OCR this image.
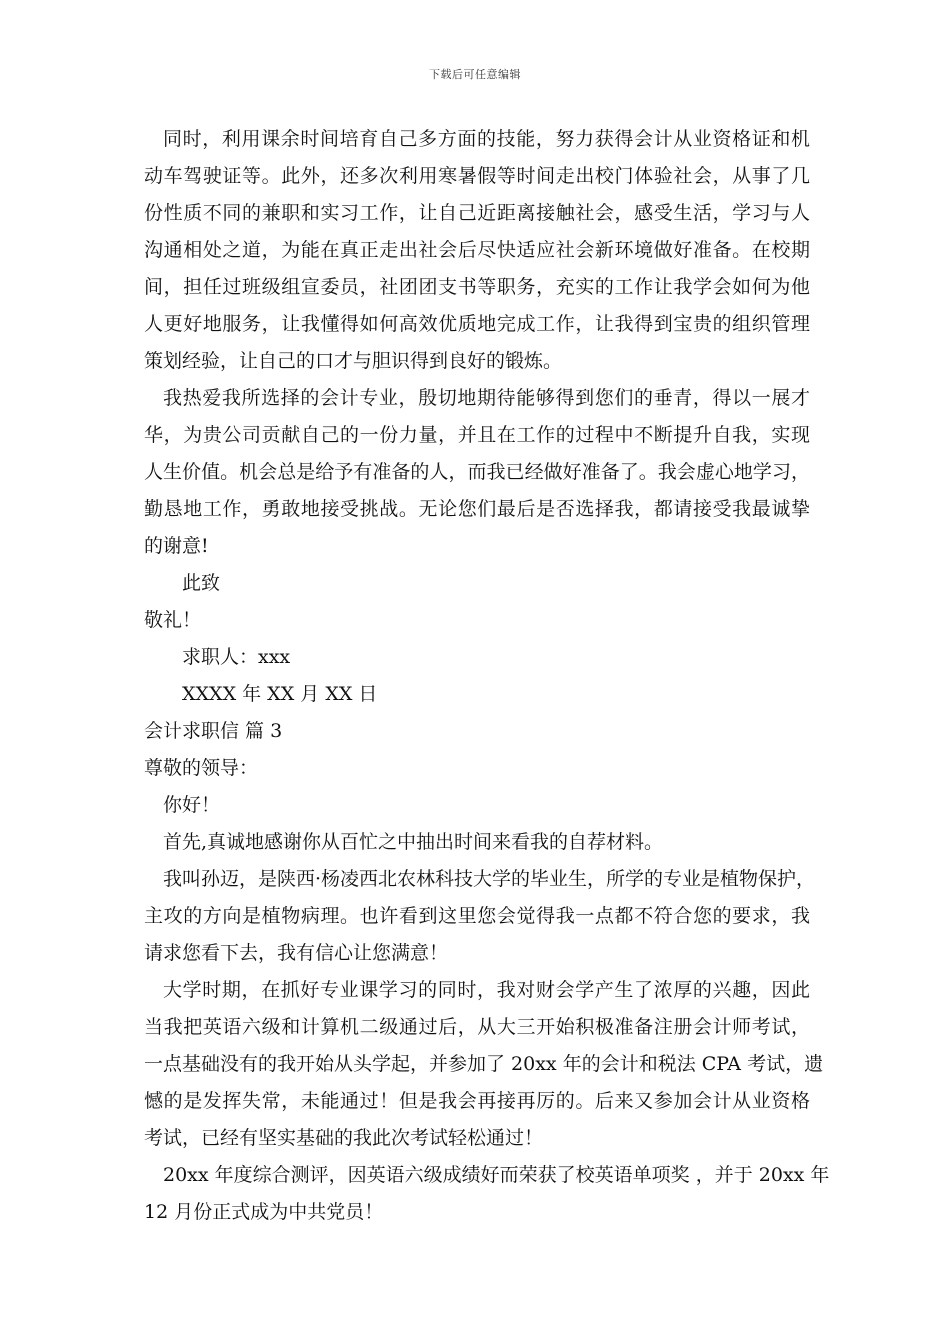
下载后可任意编辑
同时，利用课余时间培育自己多方面的技能，努力获得会计从业资格证和机
动车驾驶证等。此外，还多次利用寒暑假等时间走出校门体验社会，从事了几
份性质不同的兼职和实习工作，让自己近距离接触社会，感受生活，学习与人
沟通相处之道，为能在真正走出社会后尽快适应社会新环境做好准备。在校期
间，担任过班级组宣委员，社团团支书等职务，充实的工作让我学会如何为他
人更好地服务，让我懂得如何高效优质地完成工作，让我得到宝贵的组织管理
策划经验，让自己的口才与胆识得到良好的锻炼。
我热爱我所选择的会计专业，殷切地期待能够得到您们的垂青，得以一展才
华，为贵公司贡献自己的一份力量，并且在工作的过程中不断提升自我，实现
人生价值。机会总是给予有准备的人，而我已经做好准备了。我会虚心地学习，
勤恳地工作，勇敢地接受挑战。无论您们最后是否选择我，都请接受我最诚挚
的谢意!
此致
敬礼！
求职人：xxx
XXXX 年 XX 月 XX 日
会计求职信 篇 3
尊敬的领导：
你好！
首先,真诚地感谢你从百忙之中抽出时间来看我的自荐材料。
我叫孙迈，是陕西·杨凌西北农林科技大学的毕业生，所学的专业是植物保护，
主攻的方向是植物病理。也许看到这里您会觉得我一点都不符合您的要求，我
请求您看下去，我有信心让您满意！
大学时期，在抓好专业课学习的同时，我对财会学产生了浓厚的兴趣，因此
当我把英语六级和计算机二级通过后，从大三开始积极准备注册会计师考试，
一点基础没有的我开始从头学起，并参加了 20xx 年的会计和税法 CPA 考试，遗
憾的是发挥失常，未能通过！但是我会再接再厉的。后来又参加会计从业资格
考试，已经有坚实基础的我此次考试轻松通过！
20xx 年度综合测评，因英语六级成绩好而荣获了校英语单项奖 ，并于 20xx 年
12 月份正式成为中共党员！
